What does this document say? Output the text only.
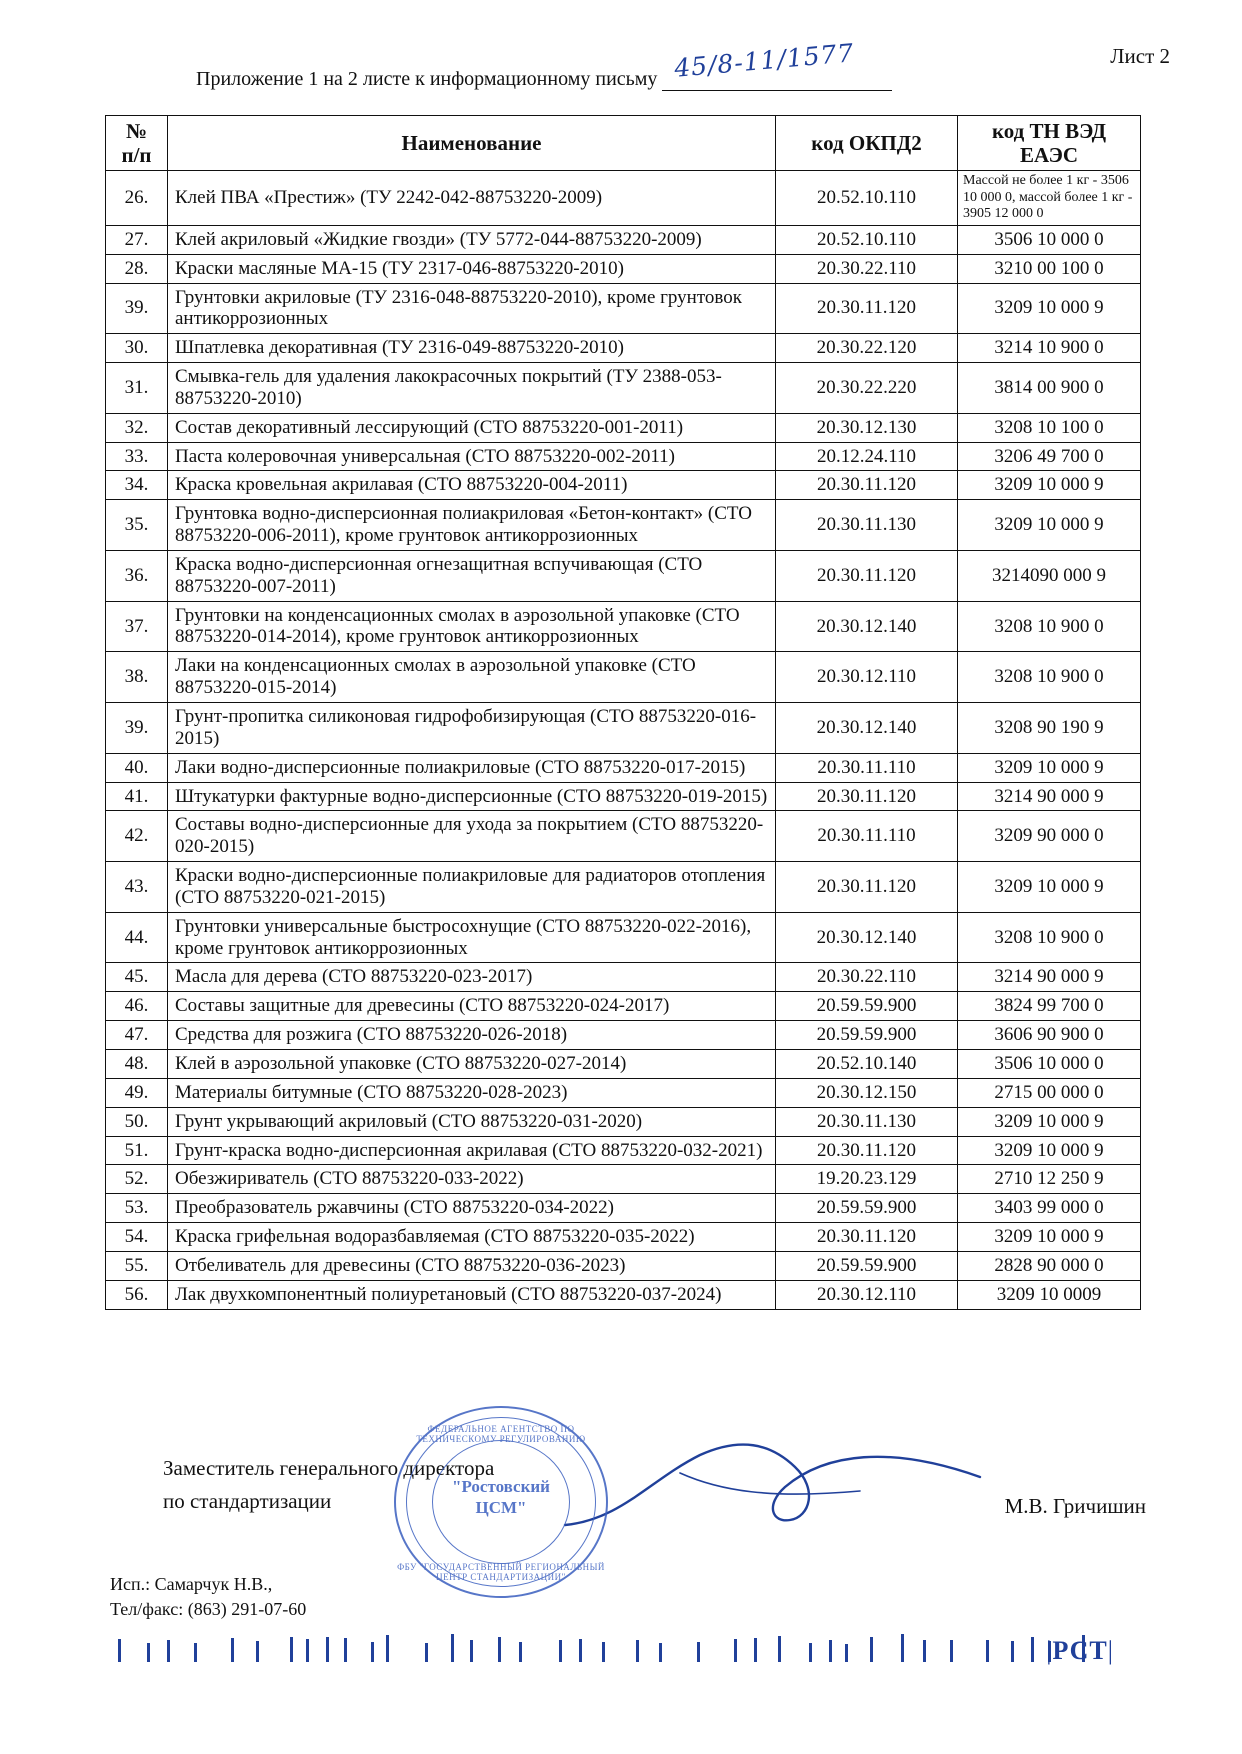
Лист 2
Приложение 1 на 2 листе к информационному письму 45/8-11/1577
№
п/п	Наименование	код ОКПД2	код ТН ВЭД
ЕАЭС
26.	Клей ПВА «Престиж» (ТУ 2242-042-88753220-2009)	20.52.10.110	Массой не более 1 кг - 3506 10 000 0, массой более 1 кг - 3905 12 000 0
27.	Клей акриловый «Жидкие гвозди» (ТУ 5772-044-88753220-2009)	20.52.10.110	3506 10 000 0
28.	Краски масляные МА-15 (ТУ 2317-046-88753220-2010)	20.30.22.110	3210 00 100 0
39.	Грунтовки акриловые (ТУ 2316-048-88753220-2010), кроме грунтовок антикоррозионных	20.30.11.120	3209 10 000 9
30.	Шпатлевка декоративная (ТУ 2316-049-88753220-2010)	20.30.22.120	3214 10 900 0
31.	Смывка-гель для удаления лакокрасочных покрытий (ТУ 2388-053-88753220-2010)	20.30.22.220	3814 00 900 0
32.	Состав декоративный лессирующий (СТО 88753220-001-2011)	20.30.12.130	3208 10 100 0
33.	Паста колеровочная универсальная (СТО 88753220-002-2011)	20.12.24.110	3206 49 700 0
34.	Краска кровельная акрилавая (СТО 88753220-004-2011)	20.30.11.120	3209 10 000 9
35.	Грунтовка водно-дисперсионная полиакриловая «Бетон-контакт» (СТО 88753220-006-2011), кроме грунтовок антикоррозионных	20.30.11.130	3209 10 000 9
36.	Краска водно-дисперсионная огнезащитная вспучивающая (СТО 88753220-007-2011)	20.30.11.120	3214090 000 9
37.	Грунтовки на конденсационных смолах в аэрозольной упаковке (СТО 88753220-014-2014), кроме грунтовок антикоррозионных	20.30.12.140	3208 10 900 0
38.	Лаки на конденсационных смолах в аэрозольной упаковке (СТО 88753220-015-2014)	20.30.12.110	3208 10 900 0
39.	Грунт-пропитка силиконовая гидрофобизирующая (СТО 88753220-016-2015)	20.30.12.140	3208 90 190 9
40.	Лаки водно-дисперсионные полиакриловые (СТО 88753220-017-2015)	20.30.11.110	3209 10 000 9
41.	Штукатурки фактурные водно-дисперсионные (СТО 88753220-019-2015)	20.30.11.120	3214 90 000 9
42.	Составы водно-дисперсионные для ухода за покрытием (СТО 88753220-020-2015)	20.30.11.110	3209 90 000 0
43.	Краски водно-дисперсионные полиакриловые для радиаторов отопления (СТО 88753220-021-2015)	20.30.11.120	3209 10 000 9
44.	Грунтовки универсальные быстросохнущие (СТО 88753220-022-2016), кроме грунтовок антикоррозионных	20.30.12.140	3208 10 900 0
45.	Масла для дерева (СТО 88753220-023-2017)	20.30.22.110	3214 90 000 9
46.	Составы защитные для древесины (СТО 88753220-024-2017)	20.59.59.900	3824 99 700 0
47.	Средства для розжига (СТО 88753220-026-2018)	20.59.59.900	3606 90 900 0
48.	Клей в аэрозольной упаковке (СТО 88753220-027-2014)	20.52.10.140	3506 10 000 0
49.	Материалы битумные (СТО 88753220-028-2023)	20.30.12.150	2715 00 000 0
50.	Грунт укрывающий акриловый (СТО 88753220-031-2020)	20.30.11.130	3209 10 000 9
51.	Грунт-краска водно-дисперсионная акрилавая (СТО 88753220-032-2021)	20.30.11.120	3209 10 000 9
52.	Обезжириватель (СТО 88753220-033-2022)	19.20.23.129	2710 12 250 9
53.	Преобразователь ржавчины (СТО 88753220-034-2022)	20.59.59.900	3403 99 000 0
54.	Краска грифельная водоразбавляемая (СТО 88753220-035-2022)	20.30.11.120	3209 10 000 9
55.	Отбеливатель для древесины (СТО 88753220-036-2023)	20.59.59.900	2828 90 000 0
56.	Лак двухкомпонентный полиуретановый (СТО 88753220-037-2024)	20.30.12.110	3209 10 0009
Заместитель генерального директора
по стандартизации	М.В. Гричишин
ФЕДЕРАЛЬНОЕ АГЕНТСТВО ПО ТЕХНИЧЕСКОМУ РЕГУЛИРОВАНИЮ
"Ростовский
ЦСМ"
ФБУ "ГОСУДАРСТВЕННЫЙ РЕГИОНАЛЬНЫЙ ЦЕНТР СТАНДАРТИЗАЦИИ"
Исп.: Самарчук Н.В.,
Тел/факс: (863) 291-07-60
|РСТ|
